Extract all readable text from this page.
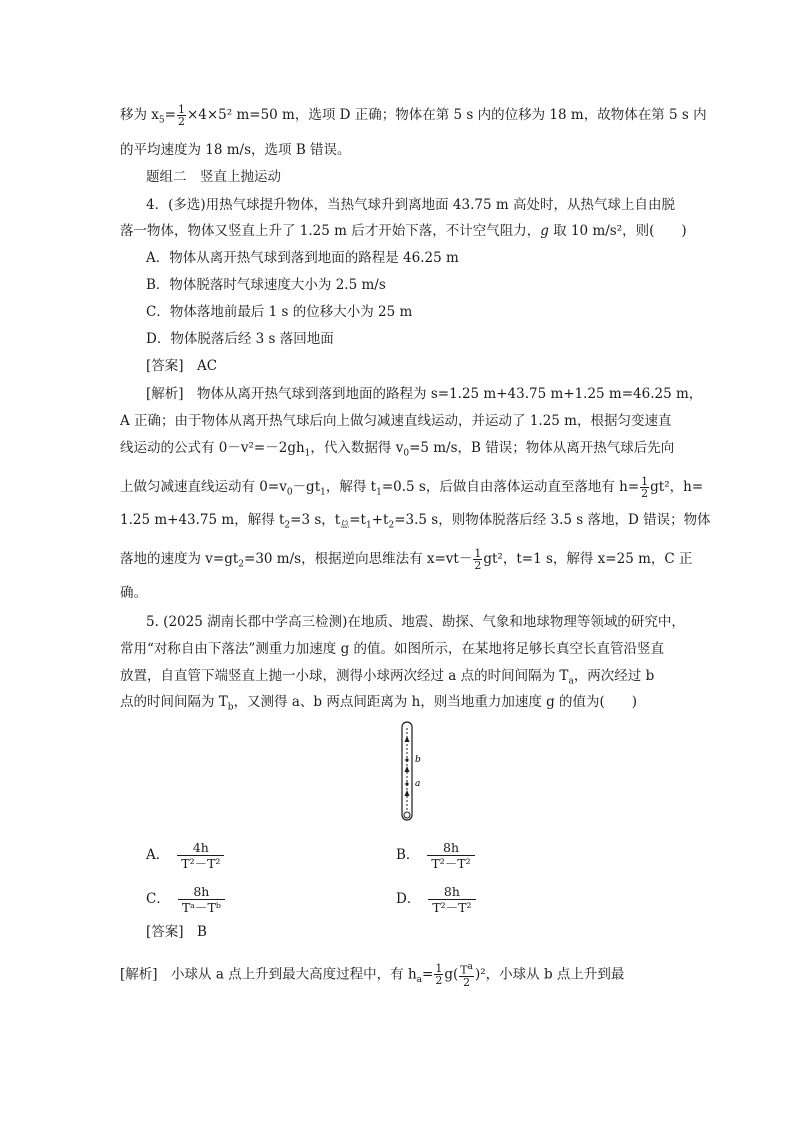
移为 $x_5= \frac{1}{2} \times 4\times 5^2$ m=50 m，选项 D 正确；物体在第 5 s 内的位移为 18 m，故物体在第 5 s 内
的平均速度为 18 m/s，选项 B 错误。
题组二　竖直上抛运动
4．(多选)用热气球提升物体，当热气球升到离地面 43.75 m 高处时，从热气球上自由脱
落一物体，物体又竖直上升了 1.25 m 后才开始下落，不计空气阻力，g 取 10 m/s²，则(　　)
A．物体从离开热气球到落到地面的路程是 46.25 m
B．物体脱落时气球速度大小为 2.5 m/s
C．物体落地前最后 1 s 的位移大小为 25 m
D．物体脱落后经 3 s 落回地面
[答案]　AC
[解析]　物体从离开热气球到落到地面的路程为 s=1.25 m+43.75 m+1.25 m=46.25 m，
A 正确；由于物体从离开热气球后向上做匀减速直线运动，并运动了 1.25 m，根据匀变速直
线运动的公式有 $0-v^2=-2gh_1$，代入数据得 $v_0=5$ m/s，B 错误；物体从离开热气球后先向
上做匀减速直线运动有 $0=v_0-gt_1$，解得 $t_1=0.5$ s，后做自由落体运动直至落地有 $h= \frac{1}{2} gt^2$，h=
1.25 m+43.75 m，解得 $t_2=3$ s，$t_总=t_1+t_2=3.5$ s，则物体脱落后经 3.5 s 落地，D 错误；物体
落地的速度为 $v=gt_2=30$ m/s，根据逆向思维法有 $x=vt- \frac{1}{2} gt^2$，t=1 s，解得 x=25 m，C 正
确。
5. (2025 湖南长郡中学高三检测)在地质、地震、勘探、气象和地球物理等领域的研究中，
常用“对称自由下落法”测重力加速度 g 的值。如图所示，在某地将足够长真空长直管沿竖直
放置，自直管下端竖直上抛一小球，测得小球两次经过 a 点的时间间隔为 $T_a$，两次经过 b
点的时间间隔为 $T_b$，又测得 a、b 两点间距离为 h，则当地重力加速度 g 的值为(　　)
b
a
A． $\frac{4h}{\text{T²－T²}}$	B． $\frac{8h}{\text{T²－T²}}$
C． $\frac{8h}{\text{Tᵃ－Tᵇ}}$	D． $\frac{8h}{\text{T²－T²}}$
[答案]　B
[解析]　小球从 a 点上升到最大高度过程中，有 $h_a= \frac{1}{2} g( \frac{T^a}{2} )^2$，小球从 b 点上升到最
